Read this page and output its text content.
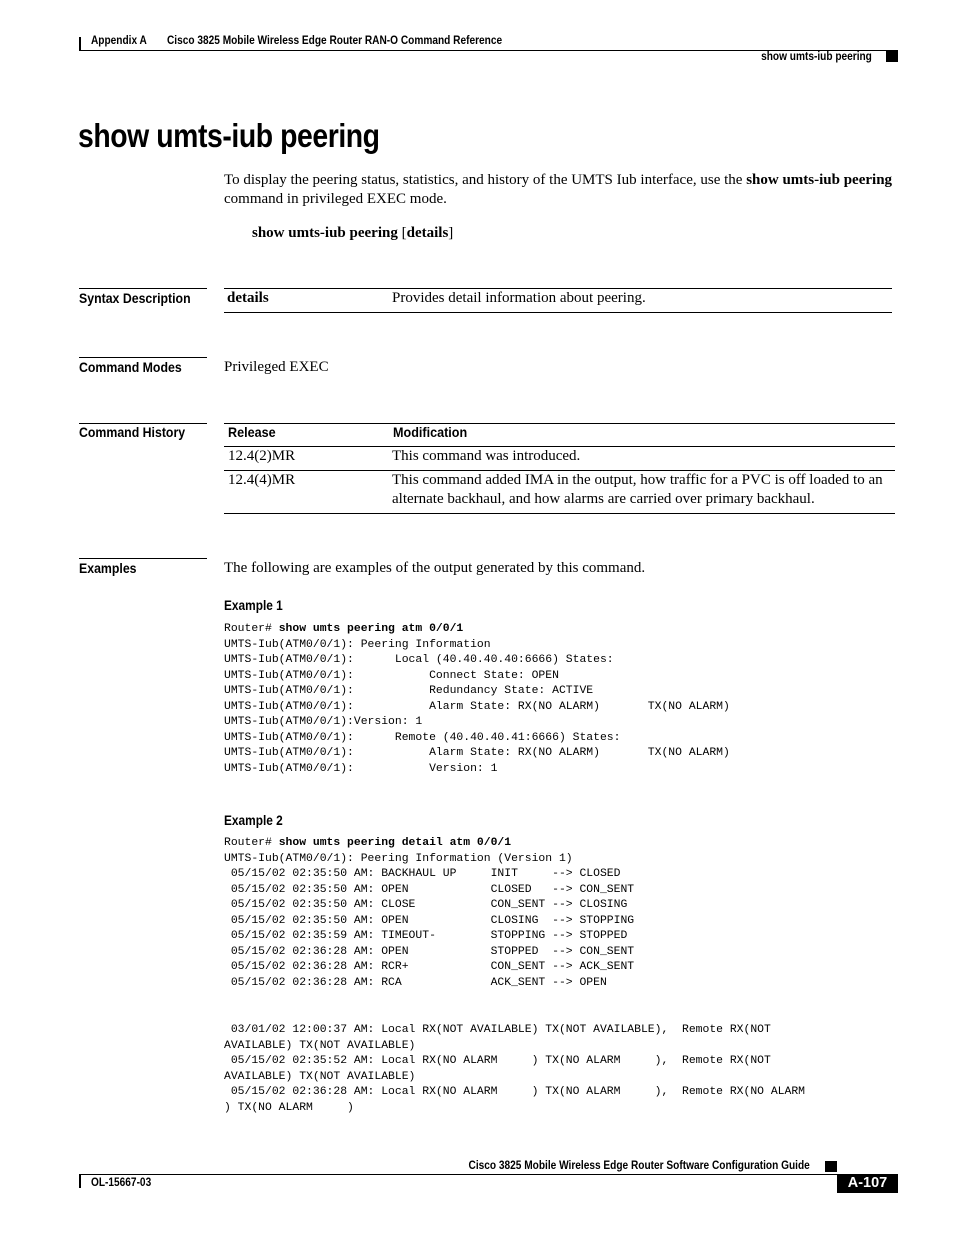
Appendix A Cisco 3825 Mobile Wireless Edge Router RAN-O Command Reference
show umts-iub peering
show umts-iub peering
To display the peering status, statistics, and history of the UMTS Iub interface, use the show umts-iub peering command in privileged EXEC mode.
show umts-iub peering [details]
Syntax Description details	Provides detail information about peering.
Command Modes	Privileged EXEC
Command History	Release	Modification
12.4(2)MR	This command was introduced.
12.4(4)MR	This command added IMA in the output, how traffic for a PVC is off loaded to an alternate backhaul, and how alarms are carried over primary backhaul.
Examples	The following are examples of the output generated by this command.
Example 1
Router# show umts peering atm 0/0/1
UMTS-Iub(ATM0/0/1): Peering Information
UMTS-Iub(ATM0/0/1):      Local (40.40.40.40:6666) States:
UMTS-Iub(ATM0/0/1):           Connect State: OPEN
UMTS-Iub(ATM0/0/1):           Redundancy State: ACTIVE
UMTS-Iub(ATM0/0/1):           Alarm State: RX(NO ALARM)       TX(NO ALARM)
UMTS-Iub(ATM0/0/1):Version: 1
UMTS-Iub(ATM0/0/1):      Remote (40.40.40.41:6666) States:
UMTS-Iub(ATM0/0/1):           Alarm State: RX(NO ALARM)       TX(NO ALARM)
UMTS-Iub(ATM0/0/1):           Version: 1
Example 2
Router# show umts peering detail atm 0/0/1
UMTS-Iub(ATM0/0/1): Peering Information (Version 1)
05/15/02 02:35:50 AM: BACKHAUL UP     INIT     --> CLOSED
05/15/02 02:35:50 AM: OPEN            CLOSED   --> CON_SENT
05/15/02 02:35:50 AM: CLOSE           CON_SENT --> CLOSING
05/15/02 02:35:50 AM: OPEN            CLOSING  --> STOPPING
05/15/02 02:35:59 AM: TIMEOUT-        STOPPING --> STOPPED
05/15/02 02:36:28 AM: OPEN            STOPPED  --> CON_SENT
05/15/02 02:36:28 AM: RCR+            CON_SENT --> ACK_SENT
05/15/02 02:36:28 AM: RCA             ACK_SENT --> OPEN
03/01/02 12:00:37 AM: Local RX(NOT AVAILABLE) TX(NOT AVAILABLE),  Remote RX(NOT
AVAILABLE) TX(NOT AVAILABLE)
05/15/02 02:35:52 AM: Local RX(NO ALARM     ) TX(NO ALARM     ),  Remote RX(NOT
AVAILABLE) TX(NOT AVAILABLE)
05/15/02 02:36:28 AM: Local RX(NO ALARM     ) TX(NO ALARM     ),  Remote RX(NO ALARM
) TX(NO ALARM     )
Cisco 3825 Mobile Wireless Edge Router Software Configuration Guide
OL-15667-03	A-107
